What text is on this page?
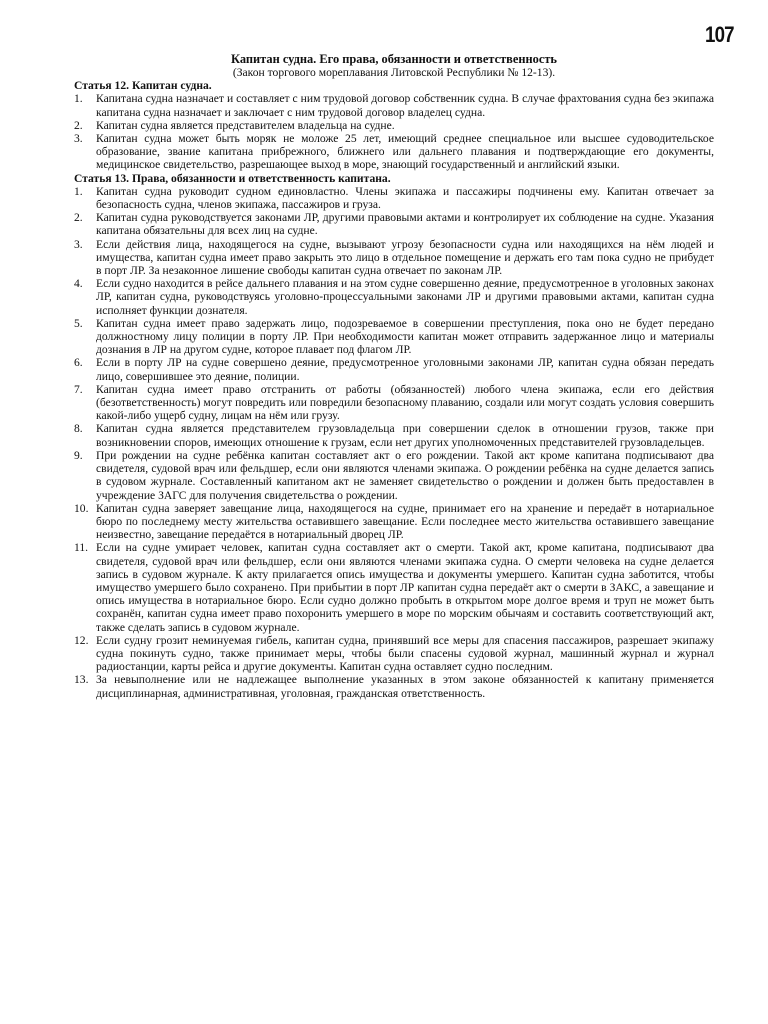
107

Капитан судна. Его права, обязанности и ответственность

(Закон торгового мореплавания Литовской Республики № 12-13).

Статья 12. Капитан судна.

1. Капитана судна назначает и составляет с ним трудовой договор собственник судна. В случае фрахтования судна без экипажа капитана судна назначает и заключает с ним трудовой договор владелец судна.
2. Капитан судна является представителем владельца на судне.
3. Капитан судна может быть моряк не моложе 25 лет, имеющий среднее специальное или высшее судоводительское образование, звание капитана прибрежного, ближнего или дальнего плавания и подтверждающие его документы, медицинское свидетельство, разрешающее выход в море, знающий государственный и английский языки.

Статья 13. Права, обязанности и ответственность капитана.

1. Капитан судна руководит судном единовластно. Члены экипажа и пассажиры подчинены ему. Капитан отвечает за безопасность судна, членов экипажа, пассажиров и груза.
2. Капитан судна руководствуется законами ЛР, другими правовыми актами и контролирует их соблюдение на судне. Указания капитана обязательны для всех лиц на судне.
3. Если действия лица, находящегося на судне, вызывают угрозу безопасности судна или находящихся на нём людей и имущества, капитан судна имеет право закрыть это лицо в отдельное помещение и держать его там пока судно не прибудет в порт ЛР. За незаконное лишение свободы капитан судна отвечает по законам ЛР.
4. Если судно находится в рейсе дальнего плавания и на этом судне совершенно деяние, предусмотренное в уголовных законах ЛР, капитан судна, руководствуясь уголовно-процессуальными законами ЛР и другими правовыми актами, капитан судна исполняет функции дознателя.
5. Капитан судна имеет право задержать лицо, подозреваемое в совершении преступления, пока оно не будет передано должностному лицу полиции в порту ЛР. При необходимости капитан может отправить задержанное лицо и материалы дознания в ЛР на другом судне, которое плавает под флагом ЛР.
6. Если в порту ЛР на судне совершено деяние, предусмотренное уголовными законами ЛР, капитан судна обязан передать лицо, совершившее это деяние, полиции.
7. Капитан судна имеет право отстранить от работы (обязанностей) любого члена экипажа, если его действия (безответственность) могут повредить или повредили безопасному плаванию, создали или могут создать условия совершить какой-либо ущерб судну, лицам на нём или грузу.
8. Капитан судна является представителем грузовладельца при совершении сделок в отношении грузов, также при возникновении споров, имеющих отношение к грузам, если нет других уполномоченных представителей грузовладельцев.
9. При рождении на судне ребёнка капитан составляет акт о его рождении. Такой акт кроме капитана подписывают два свидетеля, судовой врач или фельдшер, если они являются членами экипажа. О рождении ребёнка на судне делается запись в судовом журнале. Составленный капитаном акт не заменяет свидетельство о рождении и должен быть предоставлен в учреждение ЗАГС для получения свидетельства о рождении.
10. Капитан судна заверяет завещание лица, находящегося на судне, принимает его на хранение и передаёт в нотариальное бюро по последнему месту жительства оставившего завещание. Если последнее место жительства оставившего завещание неизвестно, завещание передаётся в нотариальный дворец ЛР.
11. Если на судне умирает человек, капитан судна составляет акт о смерти. Такой акт, кроме капитана, подписывают два свидетеля, судовой врач или фельдшер, если они являются членами экипажа судна. О смерти человека на судне делается запись в судовом журнале. К акту прилагается опись имущества и документы умершего. Капитан судна заботится, чтобы имущество умершего было сохранено. При прибытии в порт ЛР капитан судна передаёт акт о смерти в ЗАКС, а завещание и опись имущества в нотариальное бюро. Если судно должно пробыть в открытом море долгое время и труп не может быть сохранён, капитан судна имеет право похоронить умершего в море по морским обычаям и составить соответствующий акт, также сделать запись в судовом журнале.
12. Если судну грозит неминуемая гибель, капитан судна, принявший все меры для спасения пассажиров, разрешает экипажу судна покинуть судно, также принимает меры, чтобы были спасены судовой журнал, машинный журнал и журнал радиостанции, карты рейса и другие документы. Капитан судна оставляет судно последним.
13. За невыполнение или не надлежащее выполнение указанных в этом законе обязанностей к капитану применяется дисциплинарная, административная, уголовная, гражданская ответственность.
